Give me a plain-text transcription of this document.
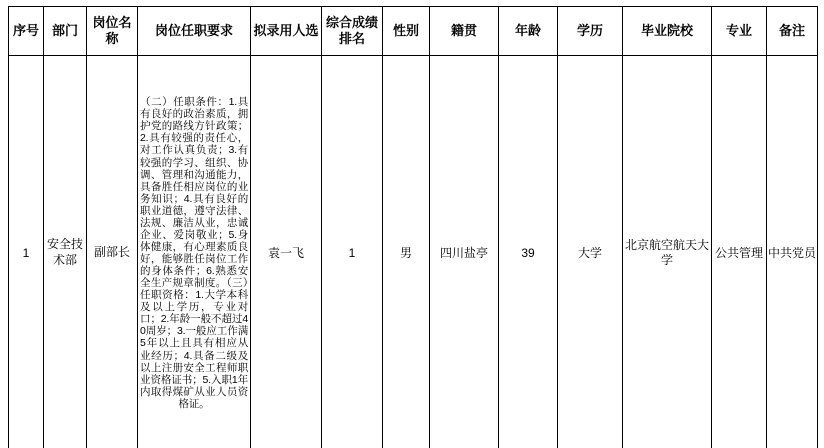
序号	部门	岗位名称	岗位任职要求	拟录用人选	综合成绩排名	性别	籍贯	年龄	学历	毕业院校	专业	备注
1	安全技术部	副部长	（二）任职条件：1.具有良好的政治素质，拥护党的路线方针政策；2.具有较强的责任心，对工作认真负责；3.有较强的学习、组织、协调、管理和沟通能力，具备胜任相应岗位的业务知识；4.具有良好的职业道德，遵守法律、法规、廉洁从业，忠诚企业、爱岗敬业；5.身体健康，有心理素质良好，能够胜任岗位工作的身体条件；6.熟悉安全生产规章制度。（三）任职资格：1.大学本科及以上学历，专业对口；2.年龄一般不超过40周岁；3.一般应工作满5年以上且具有相应从业经历；4.具备二级及以上注册安全工程师职业资格证书；5.入职1年内取得煤矿从业人员资格证。	袁一飞	1	男	四川盐亭	39	大学	北京航空航天大学	公共管理	中共党员
